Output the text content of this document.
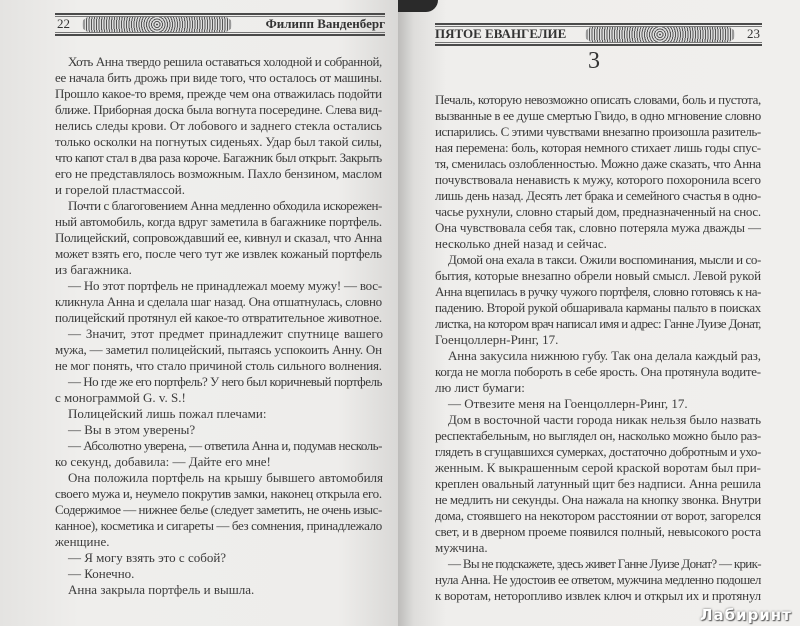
22	Филипп Ванденберг
Хоть Анна твердо решила оставаться холодной и собранной,
ее начала бить дрожь при виде того, что осталось от машины.
Прошло какое-то время, прежде чем она отважилась подойти
ближе. Приборная доска была вогнута посередине. Слева вид-
нелись следы крови. От лобового и заднего стекла остались
только осколки на погнутых сиденьях. Удар был такой силы,
что капот стал в два раза короче. Багажник был открыт. Закрыть
его не представлялось возможным. Пахло бензином, маслом
и горелой пластмассой.
Почти с благоговением Анна медленно обходила искорежен-
ный автомобиль, когда вдруг заметила в багажнике портфель.
Полицейский, сопровождавший ее, кивнул и сказал, что Анна
может взять его, после чего тут же извлек кожаный портфель
из багажника.
— Но этот портфель не принадлежал моему мужу! — вос-
кликнула Анна и сделала шаг назад. Она отшатнулась, словно
полицейский протянул ей какое-то отвратительное животное.
— Значит, этот предмет принадлежит спутнице вашего
мужа, — заметил полицейский, пытаясь успокоить Анну. Он
не мог понять, что стало причиной столь сильного волнения.
— Но где же его портфель? У него был коричневый портфель
с монограммой G. v. S.!
Полицейский лишь пожал плечами:
— Вы в этом уверены?
— Абсолютно уверена, — ответила Анна и, подумав несколь-
ко секунд, добавила: — Дайте его мне!
Она положила портфель на крышу бывшего автомобиля
своего мужа и, неумело покрутив замки, наконец открыла его.
Содержимое — нижнее белье (следует заметить, не очень изыс-
канное), косметика и сигареты — без сомнения, принадлежало
женщине.
— Я могу взять это с собой?
— Конечно.
Анна закрыла портфель и вышла.
ПЯТОЕ ЕВАНГЕЛИЕ	23
Печаль, которую невозможно описать словами, боль и пустота,
вызванные в ее душе смертью Гвидо, в одно мгновение словно
испарились. С этими чувствами внезапно произошла разитель-
ная перемена: боль, которая немного стихает лишь годы спус-
тя, сменилась озлобленностью. Можно даже сказать, что Анна
почувствовала ненависть к мужу, которого похоронила всего
лишь день назад. Десять лет брака и семейного счастья в одно-
часье рухнули, словно старый дом, предназначенный на снос.
Она чувствовала себя так, словно потеряла мужа дважды —
несколько дней назад и сейчас.
Домой она ехала в такси. Ожили воспоминания, мысли и со-
бытия, которые внезапно обрели новый смысл. Левой рукой
Анна вцепилась в ручку чужого портфеля, словно готовясь к на-
падению. Второй рукой обшаривала карманы пальто в поисках
листка, на котором врач написал имя и адрес: Ганне Луизе Донат,
Гоенцоллерн-Ринг, 17.
Анна закусила нижнюю губу. Так она делала каждый раз,
когда не могла побороть в себе ярость. Она протянула водите-
лю лист бумаги:
— Отвезите меня на Гоенцоллерн-Ринг, 17.
Дом в восточной части города никак нельзя было назвать
респектабельным, но выглядел он, насколько можно было раз-
глядеть в сгущавшихся сумерках, достаточно добротным и ухо-
женным. К выкрашенным серой краской воротам был при-
креплен овальный латунный щит без надписи. Анна решила
не медлить ни секунды. Она нажала на кнопку звонка. Внутри
дома, стоявшего на некотором расстоянии от ворот, загорелся
свет, и в дверном проеме появился полный, невысокого роста
мужчина.
— Вы не подскажете, здесь живет Ганне Луизе Донат? — крик-
нула Анна. Не удостоив ее ответом, мужчина медленно подошел
к воротам, неторопливо извлек ключ и открыл их и протянул
3
Лабиринт
